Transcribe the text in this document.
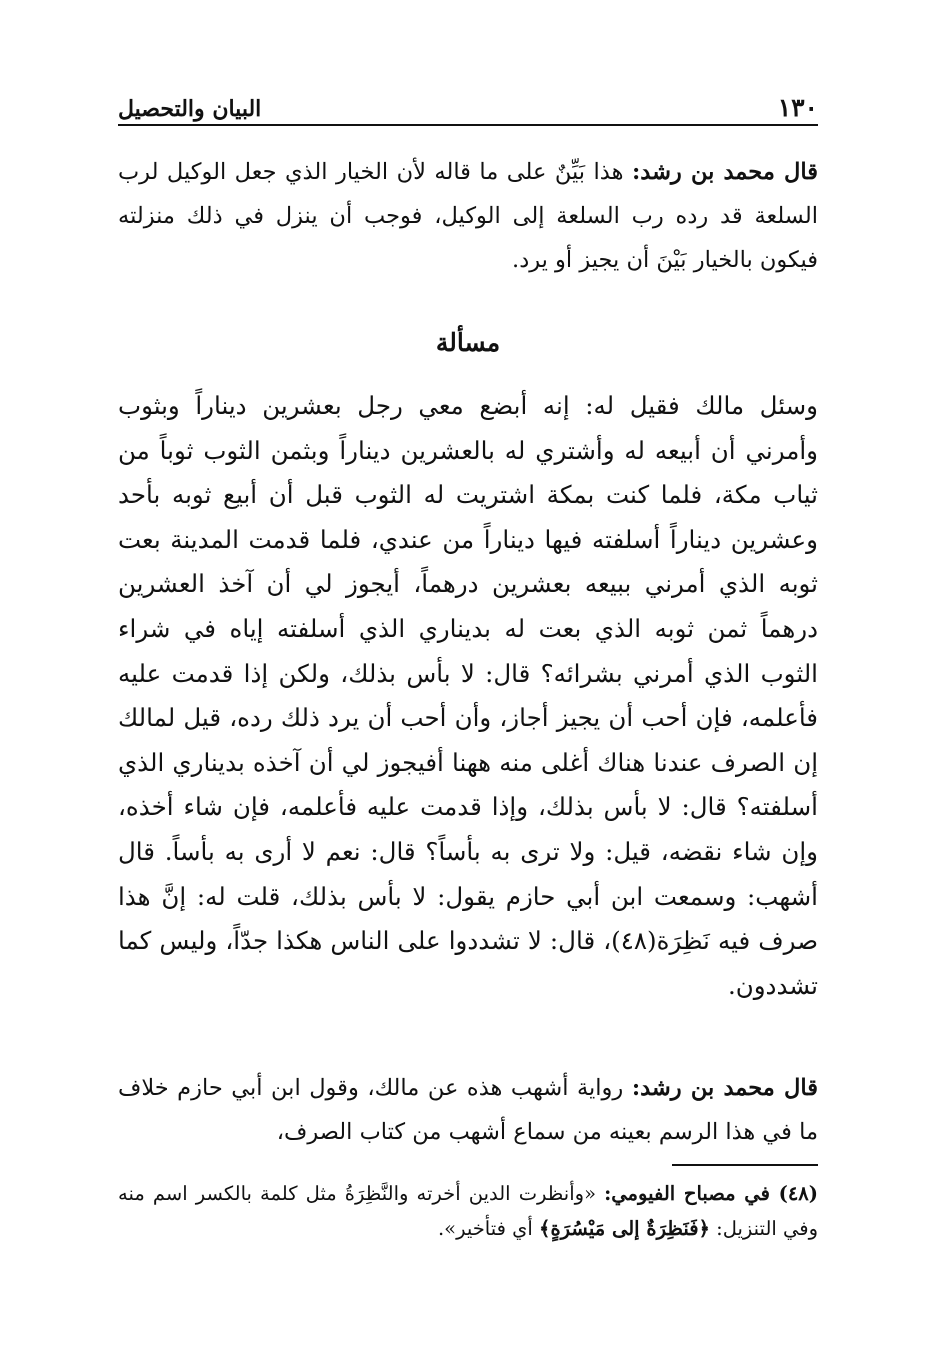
١٣٠
البيان والتحصيل

قال محمد بن رشد: هذا بَيِّنٌ على ما قاله لأن الخيار الذي جعل الوكيل لرب السلعة قد رده رب السلعة إلى الوكيل، فوجب أن ينزل في ذلك منزلته فيكون بالخيار بَيْنَ أن يجيز أو يرد.

مسألة

وسئل مالك فقيل له: إنه أبضع معي رجل بعشرين ديناراً وبثوب وأمرني أن أبيعه له وأشتري له بالعشرين ديناراً وبثمن الثوب ثوباً من ثياب مكة، فلما كنت بمكة اشتريت له الثوب قبل أن أبيع ثوبه بأحد وعشرين ديناراً أسلفته فيها ديناراً من عندي، فلما قدمت المدينة بعت ثوبه الذي أمرني ببيعه بعشرين درهماً، أيجوز لي أن آخذ العشرين درهماً ثمن ثوبه الذي بعت له بديناري الذي أسلفته إياه في شراء الثوب الذي أمرني بشرائه؟ قال: لا بأس بذلك، ولكن إذا قدمت عليه فأعلمه، فإن أحب أن يجيز أجاز، وأن أحب أن يرد ذلك رده، قيل لمالك إن الصرف عندنا هناك أغلى منه ههنا أفيجوز لي أن آخذه بديناري الذي أسلفته؟ قال: لا بأس بذلك، وإذا قدمت عليه فأعلمه، فإن شاء أخذه، وإن شاء نقضه، قيل: ولا ترى به بأساً؟ قال: نعم لا أرى به بأساً. قال أشهب: وسمعت ابن أبي حازم يقول: لا بأس بذلك، قلت له: إنَّ هذا صرف فيه نَظِرَة(٤٨)، قال: لا تشددوا على الناس هكذا جدّاً، وليس كما تشددون.

قال محمد بن رشد: رواية أشهب هذه عن مالك، وقول ابن أبي حازم خلاف ما في هذا الرسم بعينه من سماع أشهب من كتاب الصرف،

(٤٨) في مصباح الفيومي: «وأنظرت الدين أخرته والنَّظِرَةُ مثل كلمة بالكسر اسم منه وفي التنزيل: ﴿فَنَظِرَةٌ إلى مَيْسُرَةٍ﴾ أي فتأخير».
